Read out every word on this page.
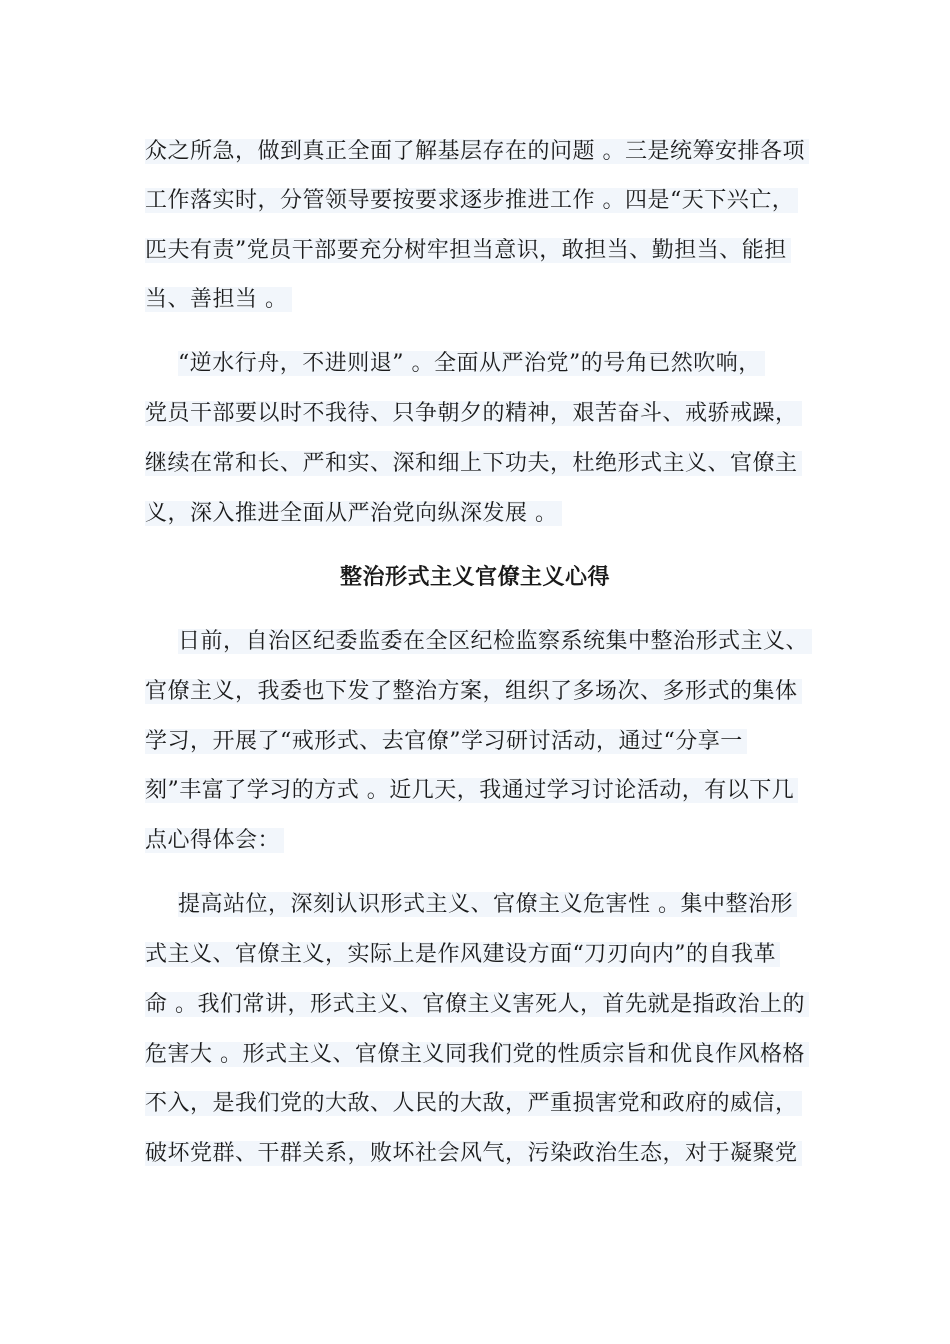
众之所急，做到真正全面了解基层存在的问题 。三是统筹安排各项
工作落实时，分管领导要按要求逐步推进工作 。四是“天下兴亡，
匹夫有责”党员干部要充分树牢担当意识，敢担当、勤担当、能担
当、善担当 。
“逆水行舟，不进则退” 。全面从严治党”的号角已然吹响，
党员干部要以时不我待、只争朝夕的精神，艰苦奋斗、戒骄戒躁，
继续在常和长、严和实、深和细上下功夫，杜绝形式主义、官僚主
义，深入推进全面从严治党向纵深发展 。
整治形式主义官僚主义心得
日前，自治区纪委监委在全区纪检监察系统集中整治形式主义、
官僚主义，我委也下发了整治方案，组织了多场次、多形式的集体
学习，开展了“戒形式、去官僚”学习研讨活动，通过“分享一
刻”丰富了学习的方式 。近几天，我通过学习讨论活动，有以下几
点心得体会：
提高站位，深刻认识形式主义、官僚主义危害性 。集中整治形
式主义、官僚主义，实际上是作风建设方面“刀刃向内”的自我革
命 。我们常讲，形式主义、官僚主义害死人，首先就是指政治上的
危害大 。形式主义、官僚主义同我们党的性质宗旨和优良作风格格
不入，是我们党的大敌、人民的大敌，严重损害党和政府的威信，
破坏党群、干群关系，败坏社会风气，污染政治生态，对于凝聚党
